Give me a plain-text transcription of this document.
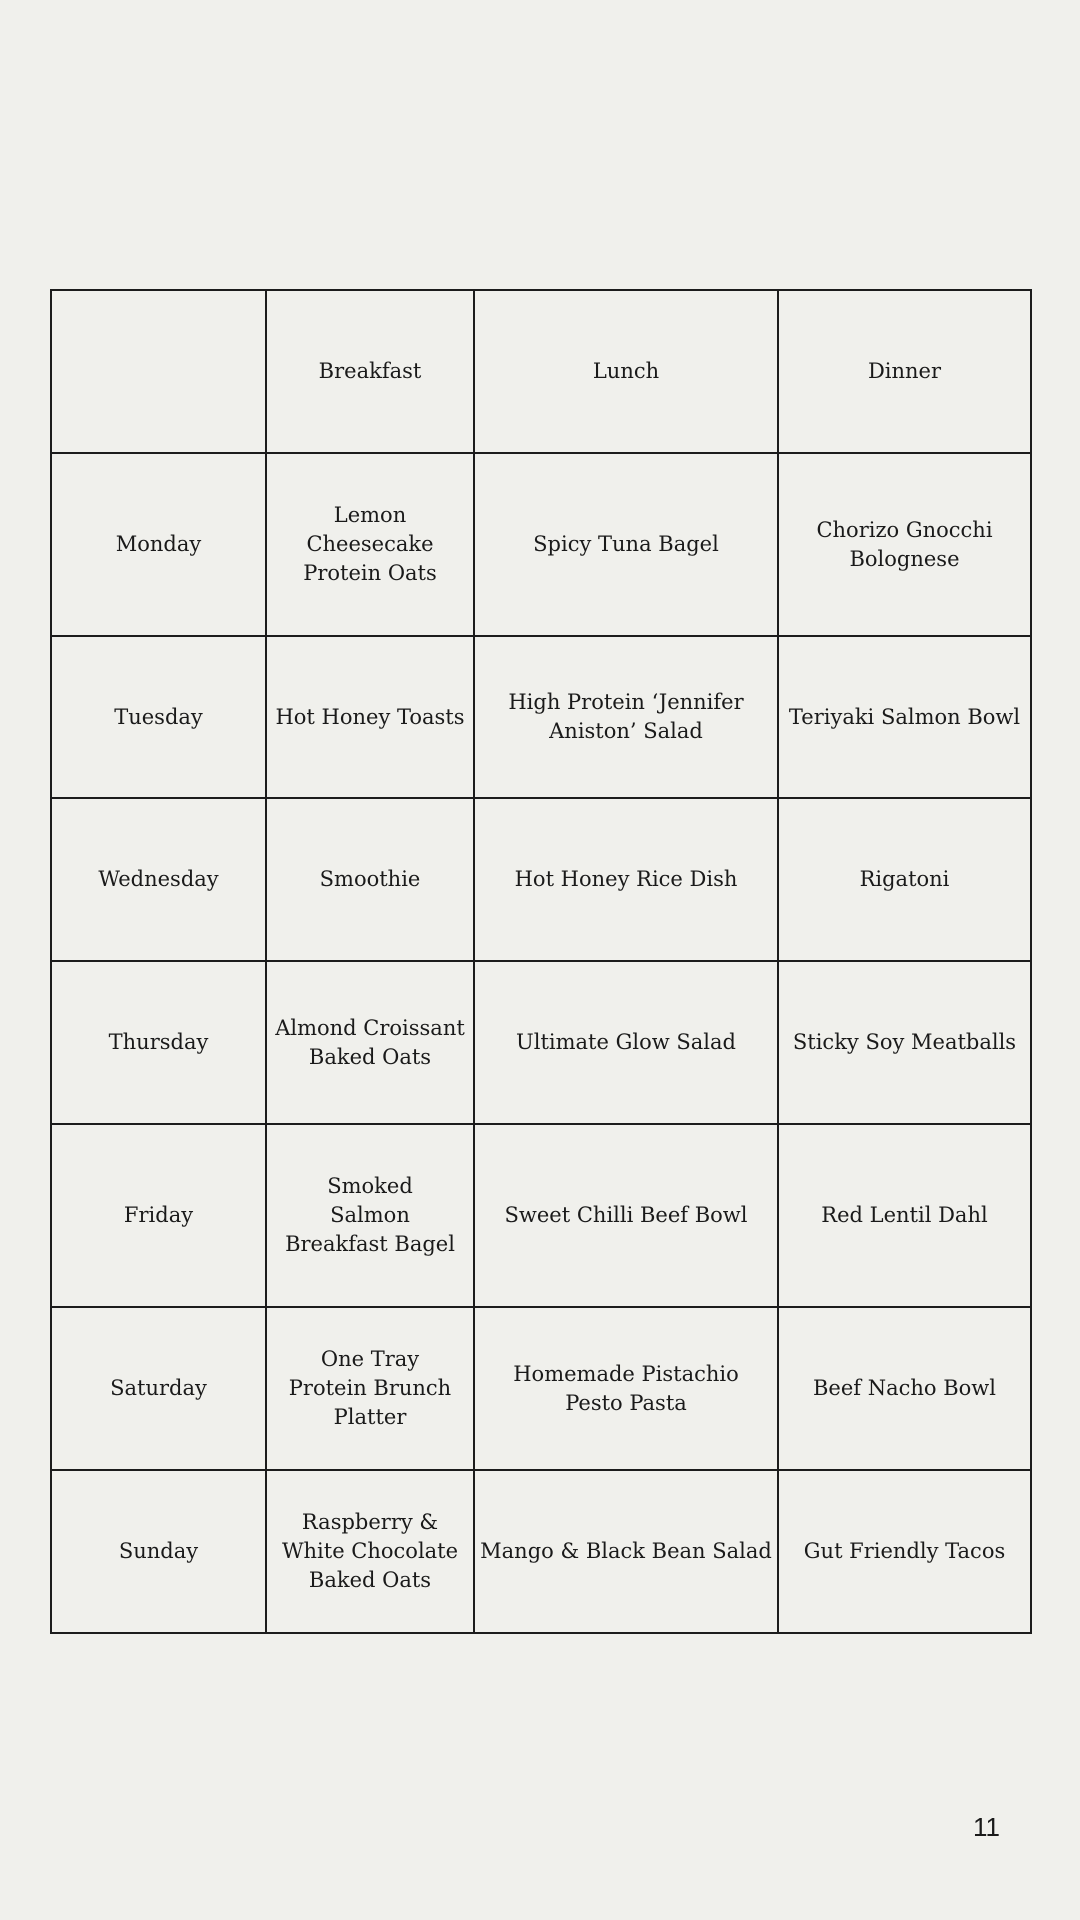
	Breakfast	Lunch	Dinner
Monday	Lemon Cheesecake Protein Oats	Spicy Tuna Bagel	Chorizo Gnocchi Bolognese
Tuesday	Hot Honey Toasts	High Protein ‘Jennifer Aniston’ Salad	Teriyaki Salmon Bowl
Wednesday	Smoothie	Hot Honey Rice Dish	Rigatoni
Thursday	Almond Croissant Baked Oats	Ultimate Glow Salad	Sticky Soy Meatballs
Friday	Smoked Salmon Breakfast Bagel	Sweet Chilli Beef Bowl	Red Lentil Dahl
Saturday	One Tray Protein Brunch Platter	Homemade Pistachio Pesto Pasta	Beef Nacho Bowl
Sunday	Raspberry & White Chocolate Baked Oats	Mango & Black Bean Salad	Gut Friendly Tacos
11
